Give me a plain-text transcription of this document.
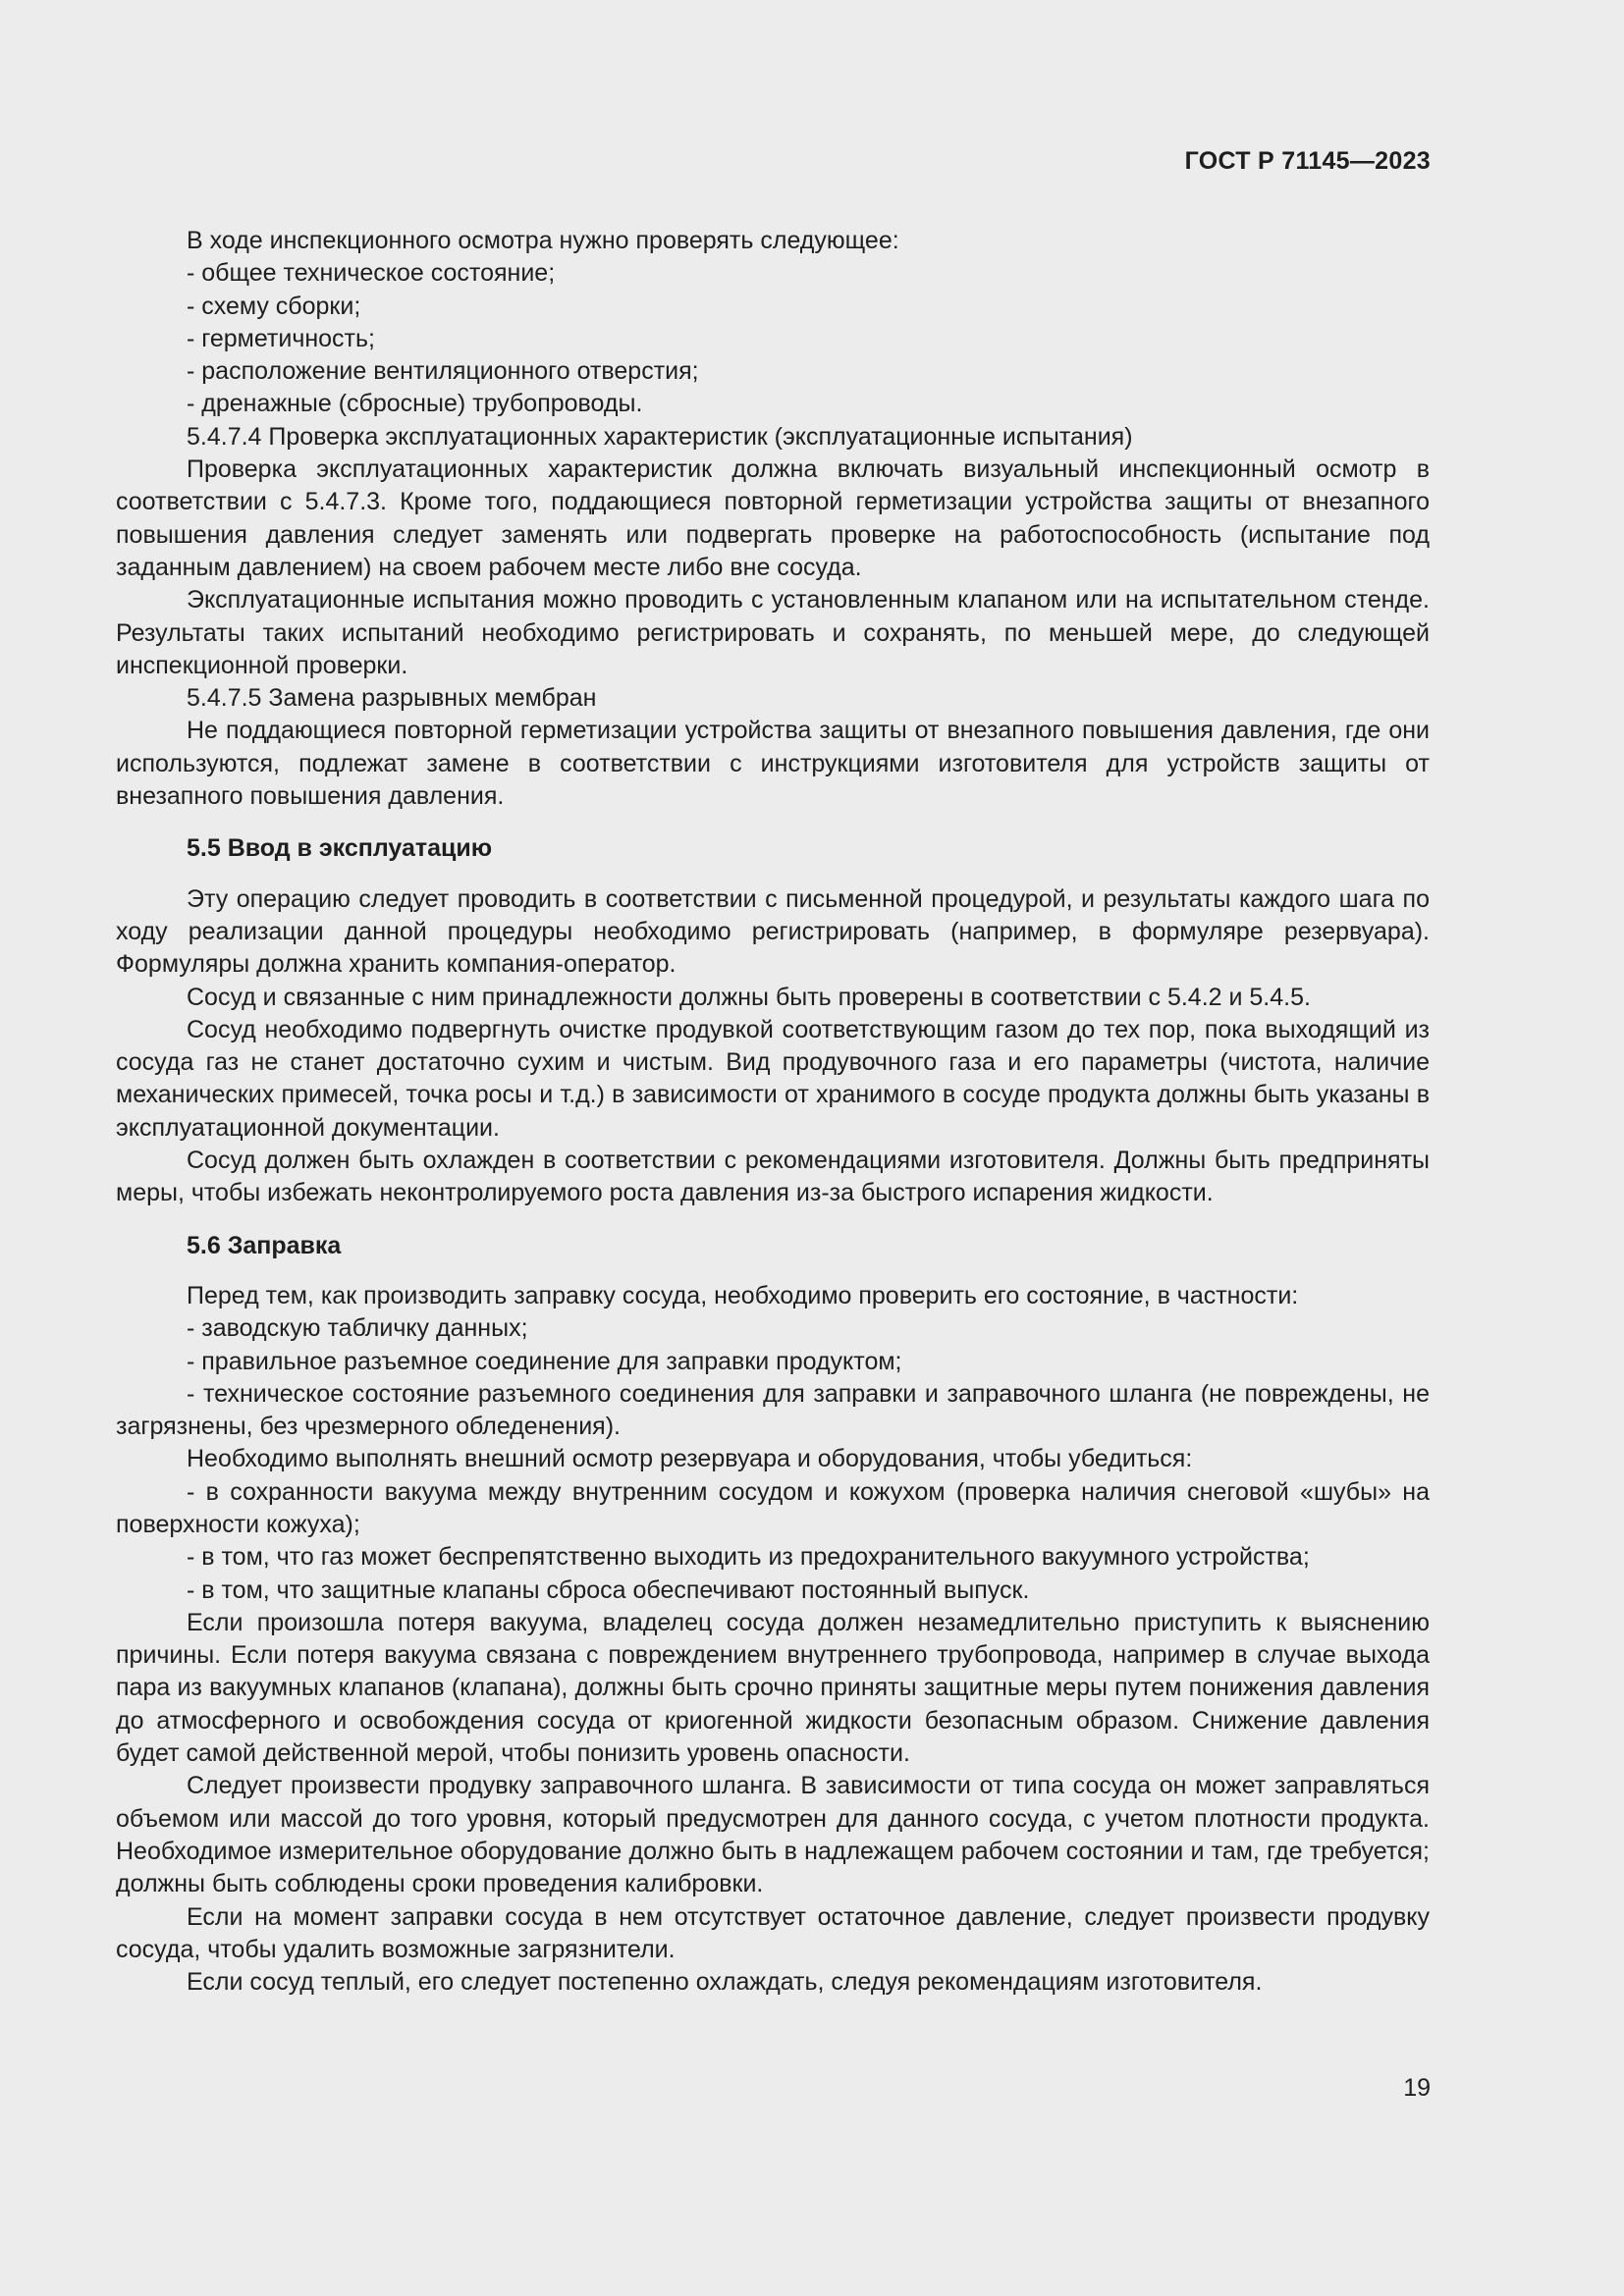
ГОСТ Р 71145—2023
В ходе инспекционного осмотра нужно проверять следующее:
- общее техническое состояние;
- схему сборки;
- герметичность;
- расположение вентиляционного отверстия;
- дренажные (сбросные) трубопроводы.
5.4.7.4 Проверка эксплуатационных характеристик (эксплуатационные испытания)
Проверка эксплуатационных характеристик должна включать визуальный инспекционный осмотр в соответствии с 5.4.7.3. Кроме того, поддающиеся повторной герметизации устройства защиты от внезапного повышения давления следует заменять или подвергать проверке на работоспособность (испытание под заданным давлением) на своем рабочем месте либо вне сосуда.
Эксплуатационные испытания можно проводить с установленным клапаном или на испытательном стенде. Результаты таких испытаний необходимо регистрировать и сохранять, по меньшей мере, до следующей инспекционной проверки.
5.4.7.5 Замена разрывных мембран
Не поддающиеся повторной герметизации устройства защиты от внезапного повышения давления, где они используются, подлежат замене в соответствии с инструкциями изготовителя для устройств защиты от внезапного повышения давления.
5.5 Ввод в эксплуатацию
Эту операцию следует проводить в соответствии с письменной процедурой, и результаты каждого шага по ходу реализации данной процедуры необходимо регистрировать (например, в формуляре резервуара). Формуляры должна хранить компания-оператор.
Сосуд и связанные с ним принадлежности должны быть проверены в соответствии с 5.4.2 и 5.4.5.
Сосуд необходимо подвергнуть очистке продувкой соответствующим газом до тех пор, пока выходящий из сосуда газ не станет достаточно сухим и чистым. Вид продувочного газа и его параметры (чистота, наличие механических примесей, точка росы и т.д.) в зависимости от хранимого в сосуде продукта должны быть указаны в эксплуатационной документации.
Сосуд должен быть охлажден в соответствии с рекомендациями изготовителя. Должны быть предприняты меры, чтобы избежать неконтролируемого роста давления из-за быстрого испарения жидкости.
5.6 Заправка
Перед тем, как производить заправку сосуда, необходимо проверить его состояние, в частности:
- заводскую табличку данных;
- правильное разъемное соединение для заправки продуктом;
- техническое состояние разъемного соединения для заправки и заправочного шланга (не повреждены, не загрязнены, без чрезмерного обледенения).
Необходимо выполнять внешний осмотр резервуара и оборудования, чтобы убедиться:
- в сохранности вакуума между внутренним сосудом и кожухом (проверка наличия снеговой «шубы» на поверхности кожуха);
- в том, что газ может беспрепятственно выходить из предохранительного вакуумного устройства;
- в том, что защитные клапаны сброса обеспечивают постоянный выпуск.
Если произошла потеря вакуума, владелец сосуда должен незамедлительно приступить к выяснению причины. Если потеря вакуума связана с повреждением внутреннего трубопровода, например в случае выхода пара из вакуумных клапанов (клапана), должны быть срочно приняты защитные меры путем понижения давления до атмосферного и освобождения сосуда от криогенной жидкости безопасным образом. Снижение давления будет самой действенной мерой, чтобы понизить уровень опасности.
Следует произвести продувку заправочного шланга. В зависимости от типа сосуда он может заправляться объемом или массой до того уровня, который предусмотрен для данного сосуда, с учетом плотности продукта. Необходимое измерительное оборудование должно быть в надлежащем рабочем состоянии и там, где требуется; должны быть соблюдены сроки проведения калибровки.
Если на момент заправки сосуда в нем отсутствует остаточное давление, следует произвести продувку сосуда, чтобы удалить возможные загрязнители.
Если сосуд теплый, его следует постепенно охлаждать, следуя рекомендациям изготовителя.
19
